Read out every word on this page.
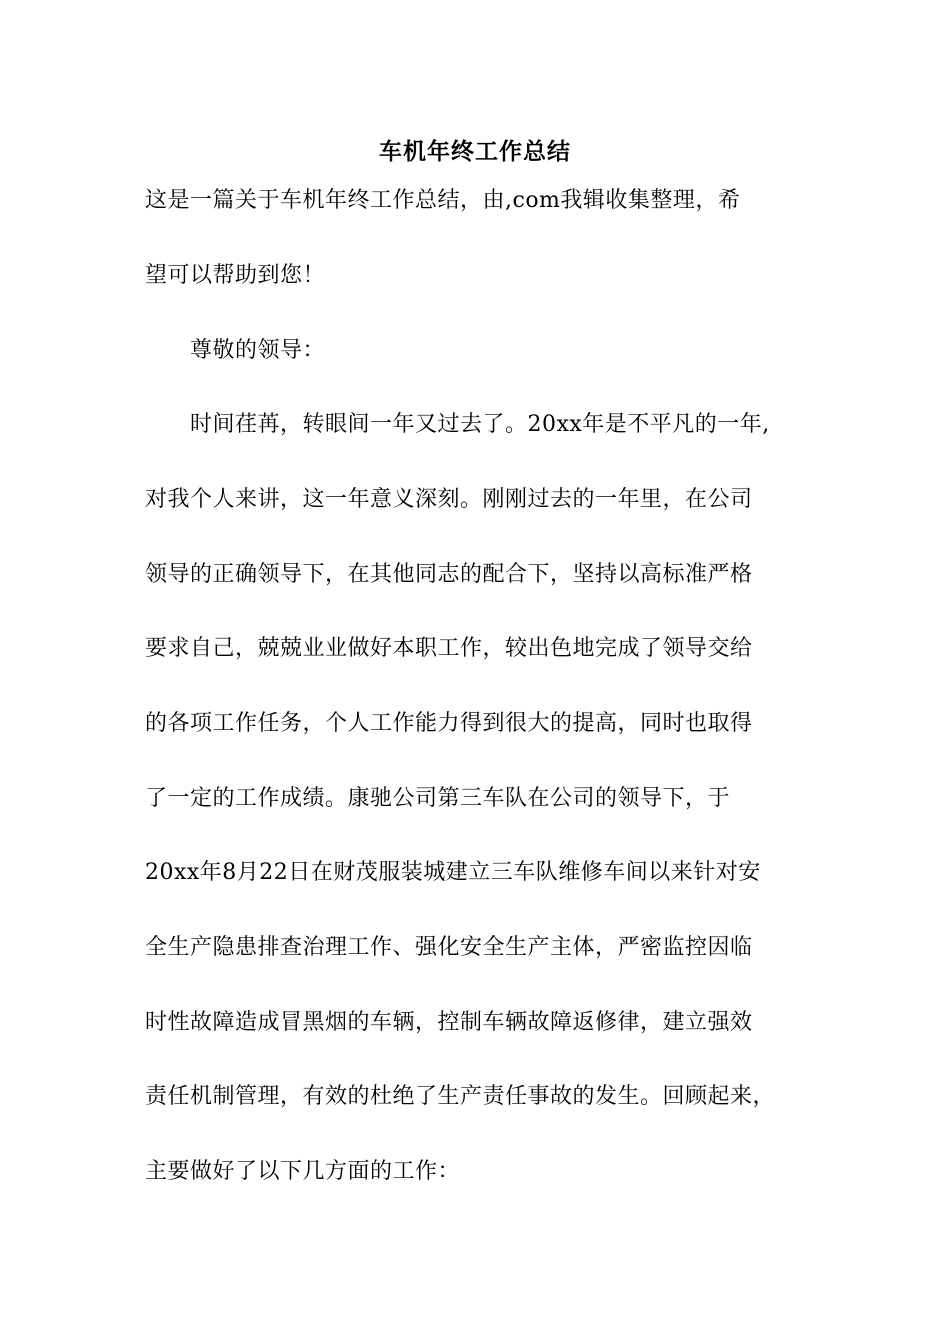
车机年终工作总结
这是一篇关于车机年终工作总结，由,com我辑收集整理，希
望可以帮助到您！
　　尊敬的领导：
　　时间荏苒，转眼间一年又过去了。20xx年是不平凡的一年,
对我个人来讲，这一年意义深刻。刚刚过去的一年里，在公司
领导的正确领导下，在其他同志的配合下，坚持以高标准严格
要求自己，兢兢业业做好本职工作，较出色地完成了领导交给
的各项工作任务，个人工作能力得到很大的提高，同时也取得
了一定的工作成绩。康驰公司第三车队在公司的领导下，于
20xx年8月22日在财茂服装城建立三车队维修车间以来针对安
全生产隐患排查治理工作、强化安全生产主体，严密监控因临
时性故障造成冒黑烟的车辆，控制车辆故障返修律，建立强效
责任机制管理，有效的杜绝了生产责任事故的发生。回顾起来，
主要做好了以下几方面的工作：
